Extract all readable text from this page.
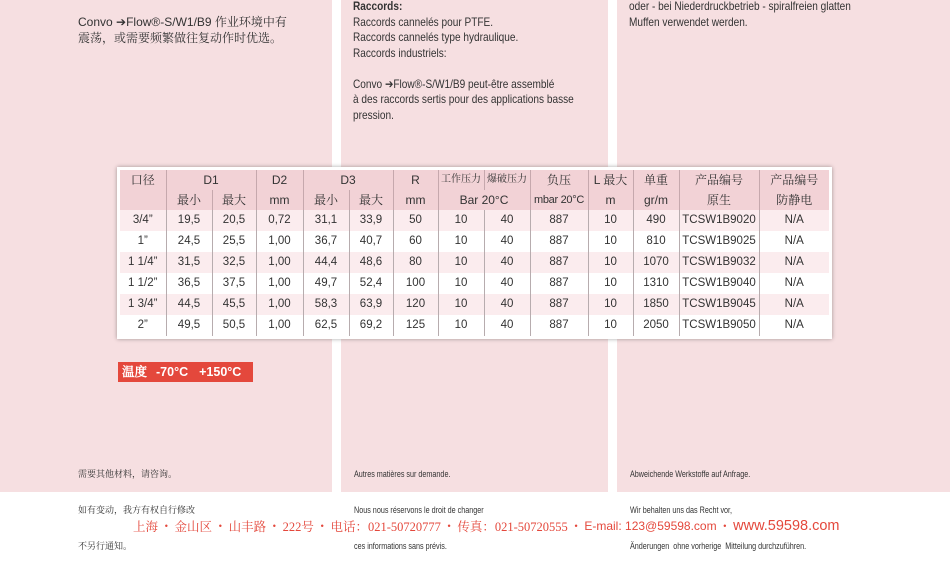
Convo ➔Flow®-S/W1/B9 作业环境中有
震荡，或需要频繁做往复动作时优选。
Raccords:
Raccords cannelés pour PTFE.
Raccords cannelés type hydraulique.
Raccords industriels:
Convo ➔Flow®-S/W1/B9 peut-être assemblé
à des raccords sertis pour des applications basse
pression.
oder - bei Niederdruckbetrieb - spiralfreien glatten
Muffen verwendet werden.
口径	D1		D2	D3		R	工作压力	爆破压力	负压	L 最大	单重	产品编号	产品编号
	最小	最大	mm	最小	最大	mm	Bar 20°C		mbar 20°C	m	gr/m	原生	防静电
3/4”	19,5	20,5	0,72	31,1	33,9	50	10	40	887	10	490	TCSW1B9020	N/A
1”	24,5	25,5	1,00	36,7	40,7	60	10	40	887	10	810	TCSW1B9025	N/A
1 1/4”	31,5	32,5	1,00	44,4	48,6	80	10	40	887	10	1070	TCSW1B9032	N/A
1 1/2”	36,5	37,5	1,00	49,7	52,4	100	10	40	887	10	1310	TCSW1B9040	N/A
1 3/4”	44,5	45,5	1,00	58,3	63,9	120	10	40	887	10	1850	TCSW1B9045	N/A
2”	49,5	50,5	1,00	62,5	69,2	125	10	40	887	10	2050	TCSW1B9050	N/A
温度 -70°C +150°C

需要其他材料，请咨询。

如有变动，我方有权自行修改

不另行通知。

Autres matières sur demande.

Nous nous réservons le droit de changer

ces informations sans prévis.

Abweichende Werkstoffe auf Anfrage.

Wir behalten uns das Recht vor,

Änderungen  ohne vorherige  Mitteilung durchzuführen.

上海 • 金山区 • 山丰路 • 222号 • 电话：021-50720777 • 传真：021-50720555 • E-mail: 123@59598.com • www.59598.com
